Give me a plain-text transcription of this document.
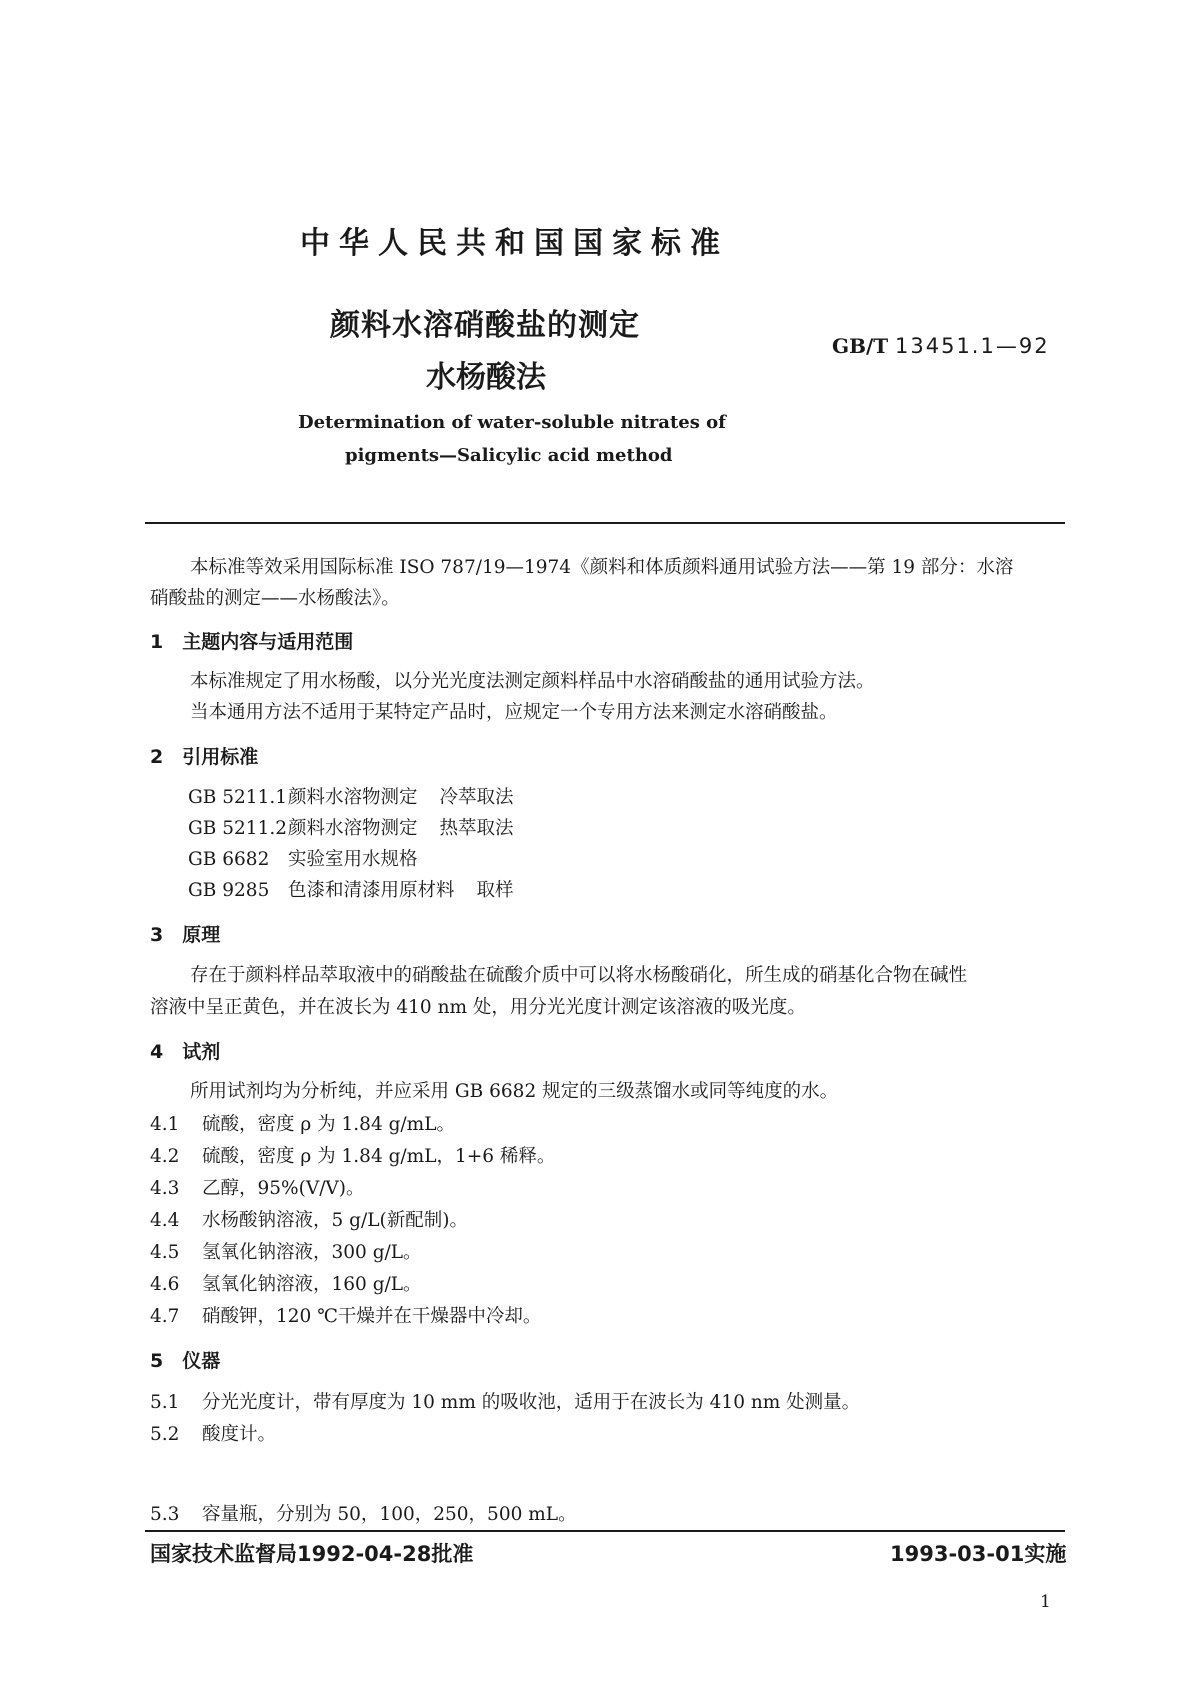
中华人民共和国国家标准
颜料水溶硝酸盐的测定
水杨酸法
GB/T 13451.1—92
Determination of water-soluble nitrates of
pigments—Salicylic acid method
本标准等效采用国际标准 ISO 787/19—1974《颜料和体质颜料通用试验方法——第 19 部分：水溶
硝酸盐的测定——水杨酸法》。
1　主题内容与适用范围
本标准规定了用水杨酸，以分光光度法测定颜料样品中水溶硝酸盐的通用试验方法。
当本通用方法不适用于某特定产品时，应规定一个专用方法来测定水溶硝酸盐。
2　引用标准
GB 5211.1颜料水溶物测定 冷萃取法
GB 5211.2颜料水溶物测定 热萃取法
GB 6682 实验室用水规格
GB 9285 色漆和清漆用原材料 取样
3　原理
存在于颜料样品萃取液中的硝酸盐在硫酸介质中可以将水杨酸硝化，所生成的硝基化合物在碱性
溶液中呈正黄色，并在波长为 410 nm 处，用分光光度计测定该溶液的吸光度。
4　试剂
所用试剂均为分析纯，并应采用 GB 6682 规定的三级蒸馏水或同等纯度的水。
4.1 硫酸，密度 ρ 为 1.84 g/mL。
4.2 硫酸，密度 ρ 为 1.84 g/mL，1+6 稀释。
4.3 乙醇，95%(V/V)。
4.4 水杨酸钠溶液，5 g/L(新配制)。
4.5 氢氧化钠溶液，300 g/L。
4.6 氢氧化钠溶液，160 g/L。
4.7 硝酸钾，120 ℃干燥并在干燥器中冷却。
5　仪器
5.1 分光光度计，带有厚度为 10 mm 的吸收池，适用于在波长为 410 nm 处测量。
5.2 酸度计。
5.3 容量瓶，分别为 50，100，250，500 mL。
国家技术监督局1992-04-28批准	1993-03-01实施
1
